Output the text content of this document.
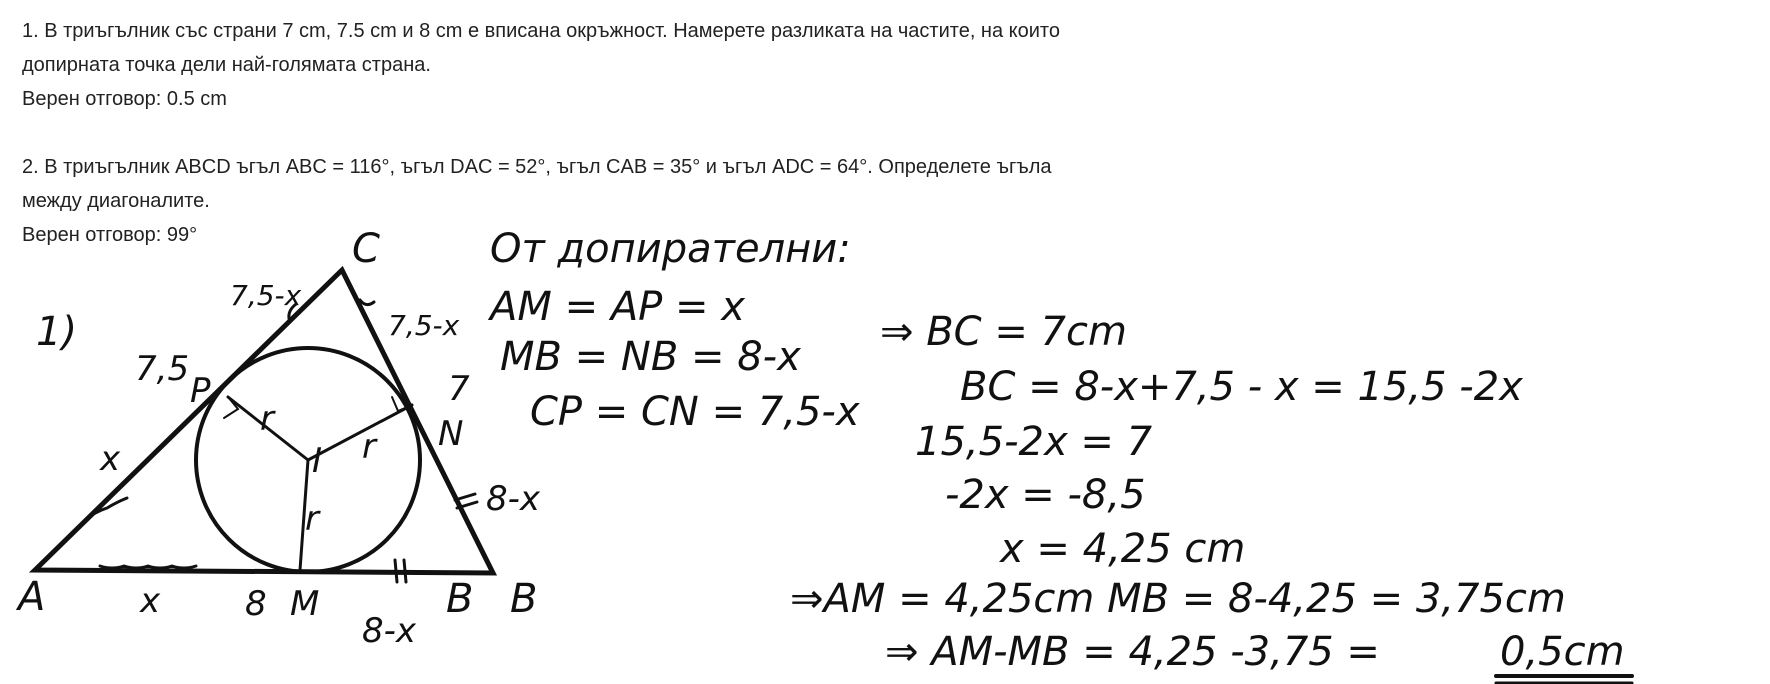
1. В триъгълник със страни 7 cm, 7.5 cm и 8 cm е вписана окръжност. Намерете разликата на частите, на които

допирната точка дели най-голямата страна.

Верен отговор: 0.5 cm

2. В триъгълник ABCD ъгъл ABC = 116°, ъгъл DAC = 52°, ъгъл CAB = 35° и ъгъл ADC = 64°. Определете ъгъла

между диагоналите.

Верен отговор: 99°

1)
A	B
B
C
P
N
M
I
r
r
r
7,5	7
8
7,5-x
7,5-x
x
x
8-x
8-x
От допирателни:
AM = AP = x
MB = NB = 8-x
CP = CN = 7,5-x
⇒ BC = 7cm
BC = 8-x+7,5 - x = 15,5 -2x
15,5-2x = 7
-2x = -8,5
x = 4,25 cm
⇒AM = 4,25cm MB = 8-4,25 = 3,75cm
⇒ AM-MB = 4,25 -3,75 =	0,5cm
